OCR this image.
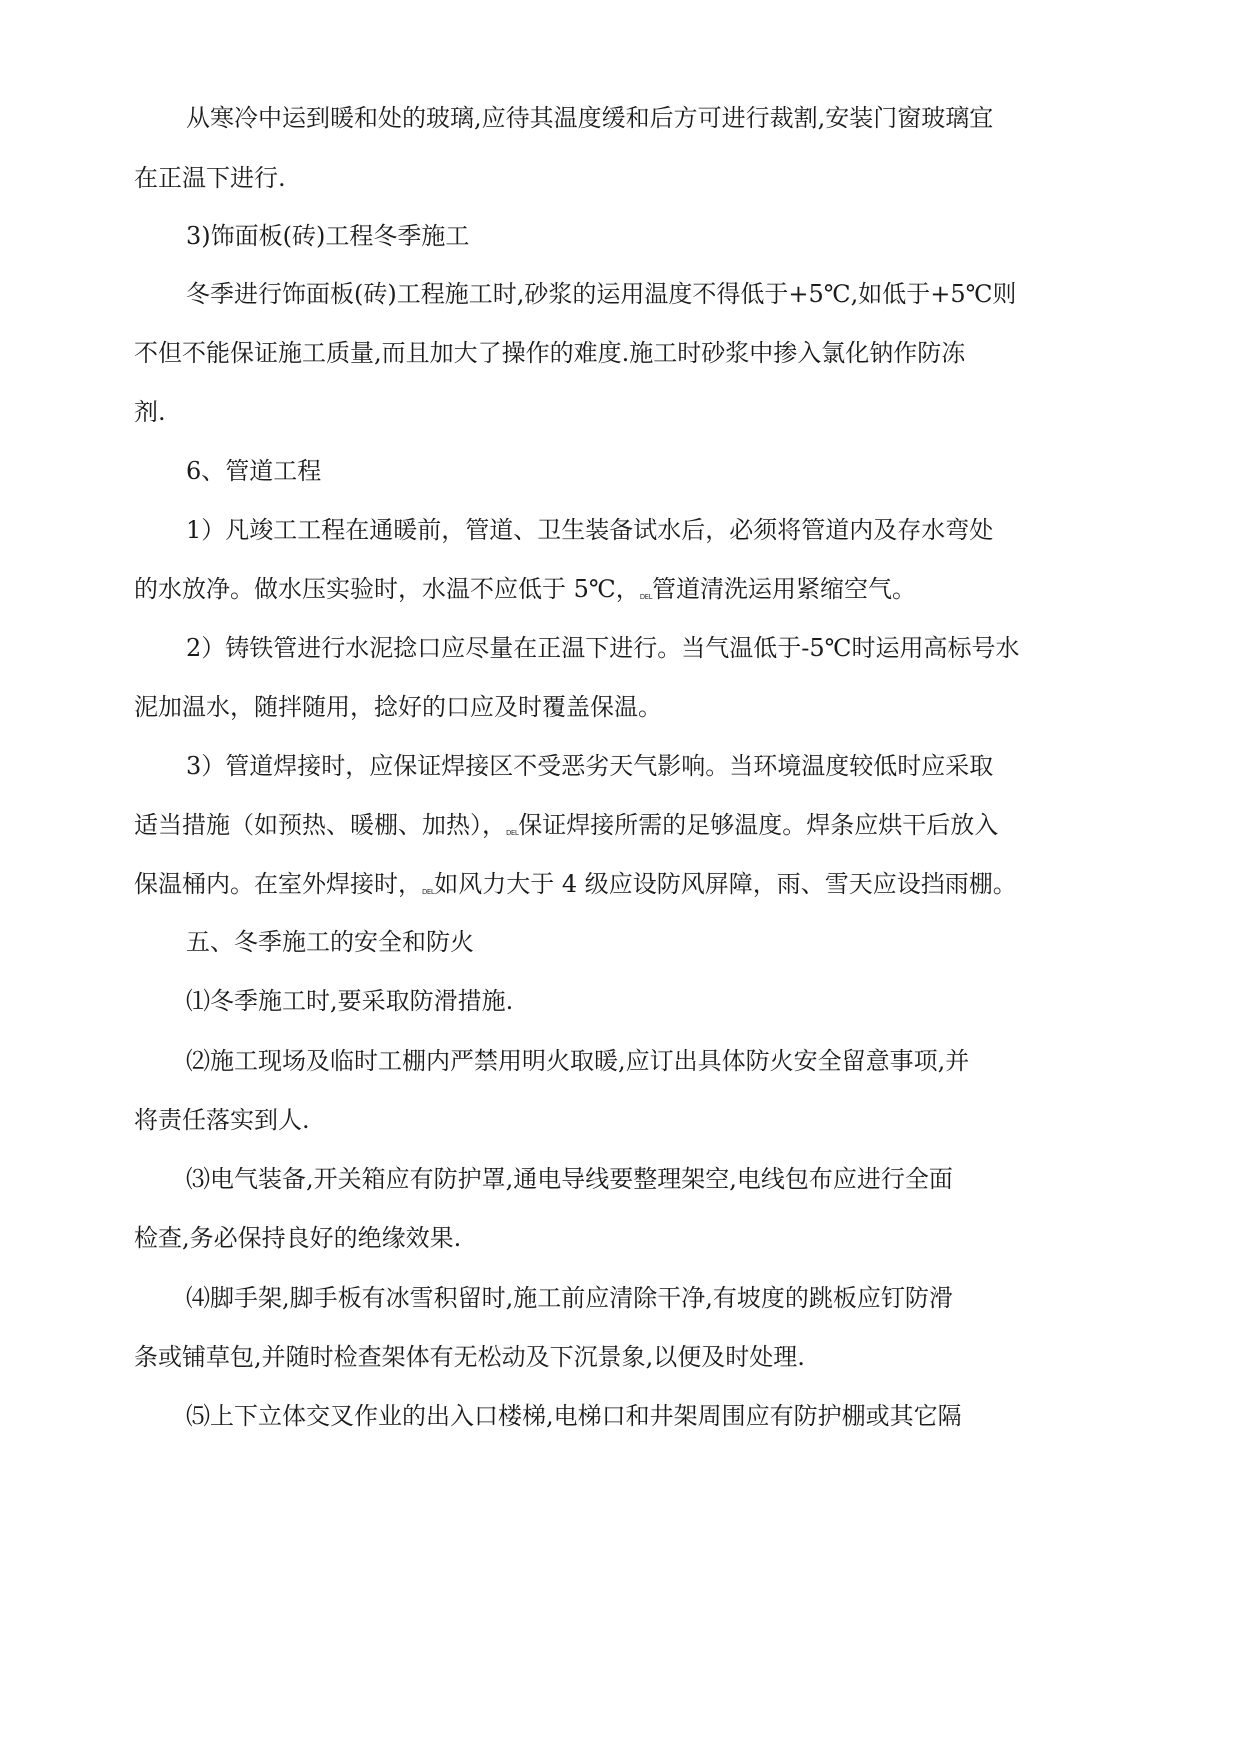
从寒冷中运到暖和处的玻璃,应待其温度缓和后方可进行裁割,安装门窗玻璃宜
在正温下进行.
3)饰面板(砖)工程冬季施工
冬季进行饰面板(砖)工程施工时,砂浆的运用温度不得低于+5℃,如低于+5℃则
不但不能保证施工质量,而且加大了操作的难度.施工时砂浆中掺入氯化钠作防冻
剂.
6、管道工程
1）凡竣工工程在通暖前，管道、卫生装备试水后，必须将管道内及存水弯处
的水放净。做水压实验时，水温不应低于 5℃，DEL管道清洗运用紧缩空气。
2）铸铁管进行水泥捻口应尽量在正温下进行。当气温低于-5℃时运用高标号水
泥加温水，随拌随用，捻好的口应及时覆盖保温。
3）管道焊接时，应保证焊接区不受恶劣天气影响。当环境温度较低时应采取
适当措施（如预热、暖棚、加热），DEL保证焊接所需的足够温度。焊条应烘干后放入
保温桶内。在室外焊接时，DEL如风力大于 4 级应设防风屏障，雨、雪天应设挡雨棚。
五、冬季施工的安全和防火
⑴冬季施工时,要采取防滑措施.
⑵施工现场及临时工棚内严禁用明火取暖,应订出具体防火安全留意事项,并
将责任落实到人.
⑶电气装备,开关箱应有防护罩,通电导线要整理架空,电线包布应进行全面
检查,务必保持良好的绝缘效果.
⑷脚手架,脚手板有冰雪积留时,施工前应清除干净,有坡度的跳板应钉防滑
条或铺草包,并随时检查架体有无松动及下沉景象,以便及时处理.
⑸上下立体交叉作业的出入口楼梯,电梯口和井架周围应有防护棚或其它隔
